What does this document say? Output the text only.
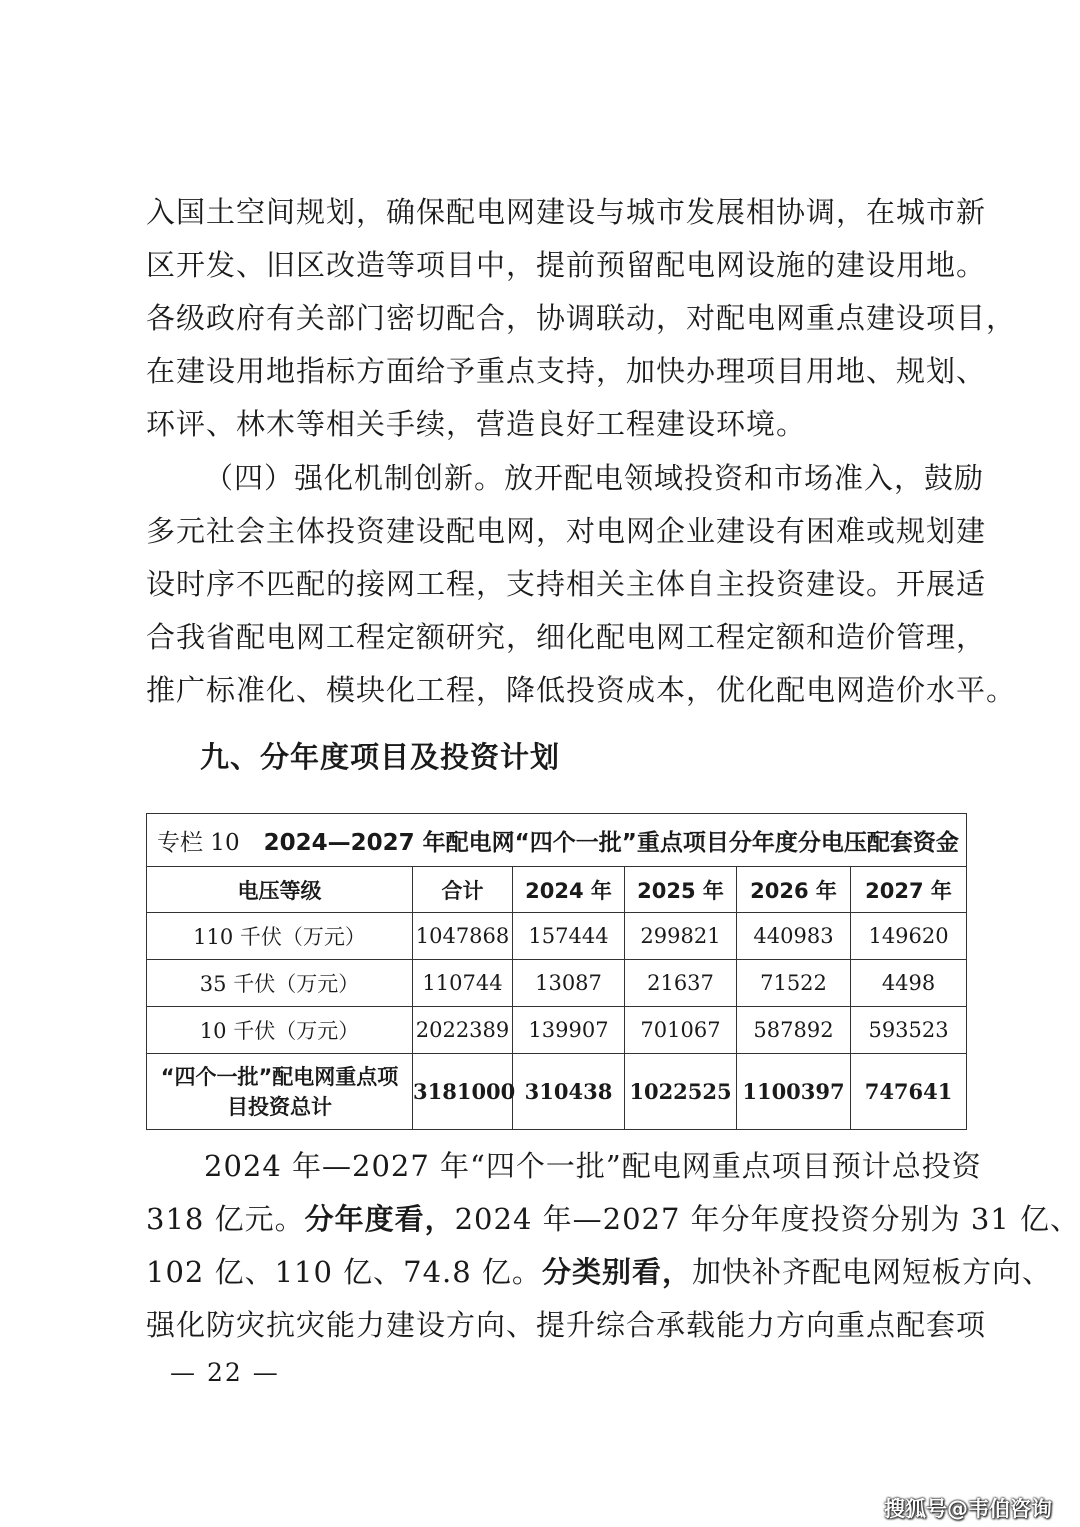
入国土空间规划，确保配电网建设与城市发展相协调，在城市新
区开发、旧区改造等项目中，提前预留配电网设施的建设用地。
各级政府有关部门密切配合，协调联动，对配电网重点建设项目，
在建设用地指标方面给予重点支持，加快办理项目用地、规划、
环评、林木等相关手续，营造良好工程建设环境。
（四）强化机制创新。放开配电领域投资和市场准入，鼓励
多元社会主体投资建设配电网，对电网企业建设有困难或规划建
设时序不匹配的接网工程，支持相关主体自主投资建设。开展适
合我省配电网工程定额研究，细化配电网工程定额和造价管理，
推广标准化、模块化工程，降低投资成本，优化配电网造价水平。
九、分年度项目及投资计划
专栏 10 2024—2027 年配电网“四个一批”重点项目分年度分电压配套资金					
电压等级	合计	2024 年	2025 年	2026 年	2027 年
110 千伏（万元）	1047868	157444	299821	440983	149620
35 千伏（万元）	110744	13087	21637	71522	4498
10 千伏（万元）	2022389	139907	701067	587892	593523
“四个一批”配电网重点项
目投资总计	3181000	310438	1022525	1100397	747641
2024 年—2027 年“四个一批”配电网重点项目预计总投资
318 亿元。分年度看，2024 年—2027 年分年度投资分别为 31 亿、
102 亿、110 亿、74.8 亿。分类别看，加快补齐配电网短板方向、
强化防灾抗灾能力建设方向、提升综合承载能力方向重点配套项
— 22 —
搜狐号@韦伯咨询
